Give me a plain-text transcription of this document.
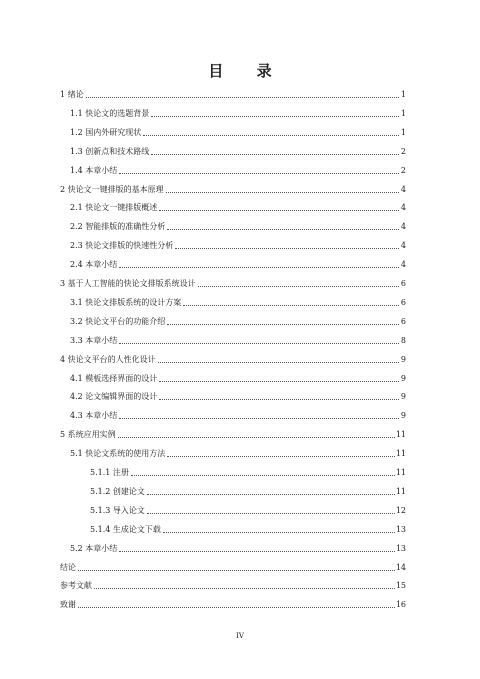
目 录
1 绪论	1
1.1 快论文的选题背景	1
1.2 国内外研究现状	1
1.3 创新点和技术路线	2
1.4 本章小结	2
2 快论文一键排版的基本原理	4
2.1 快论文一键排版概述	4
2.2 智能排版的准确性分析	4
2.3 快论文排版的快速性分析	4
2.4 本章小结	4
3 基于人工智能的快论文排版系统设计	6
3.1 快论文排版系统的设计方案	6
3.2 快论文平台的功能介绍	6
3.3 本章小结	8
4 快论文平台的人性化设计	9
4.1 模板选择界面的设计	9
4.2 论文编辑界面的设计	9
4.3 本章小结	9
5 系统应用实例	11
5.1 快论文系统的使用方法	11
5.1.1 注册	11
5.1.2 创建论文	11
5.1.3 导入论文	12
5.1.4 生成论文下载	13
5.2 本章小结	13
结论	14
参考文献	15
致谢	16
IV
